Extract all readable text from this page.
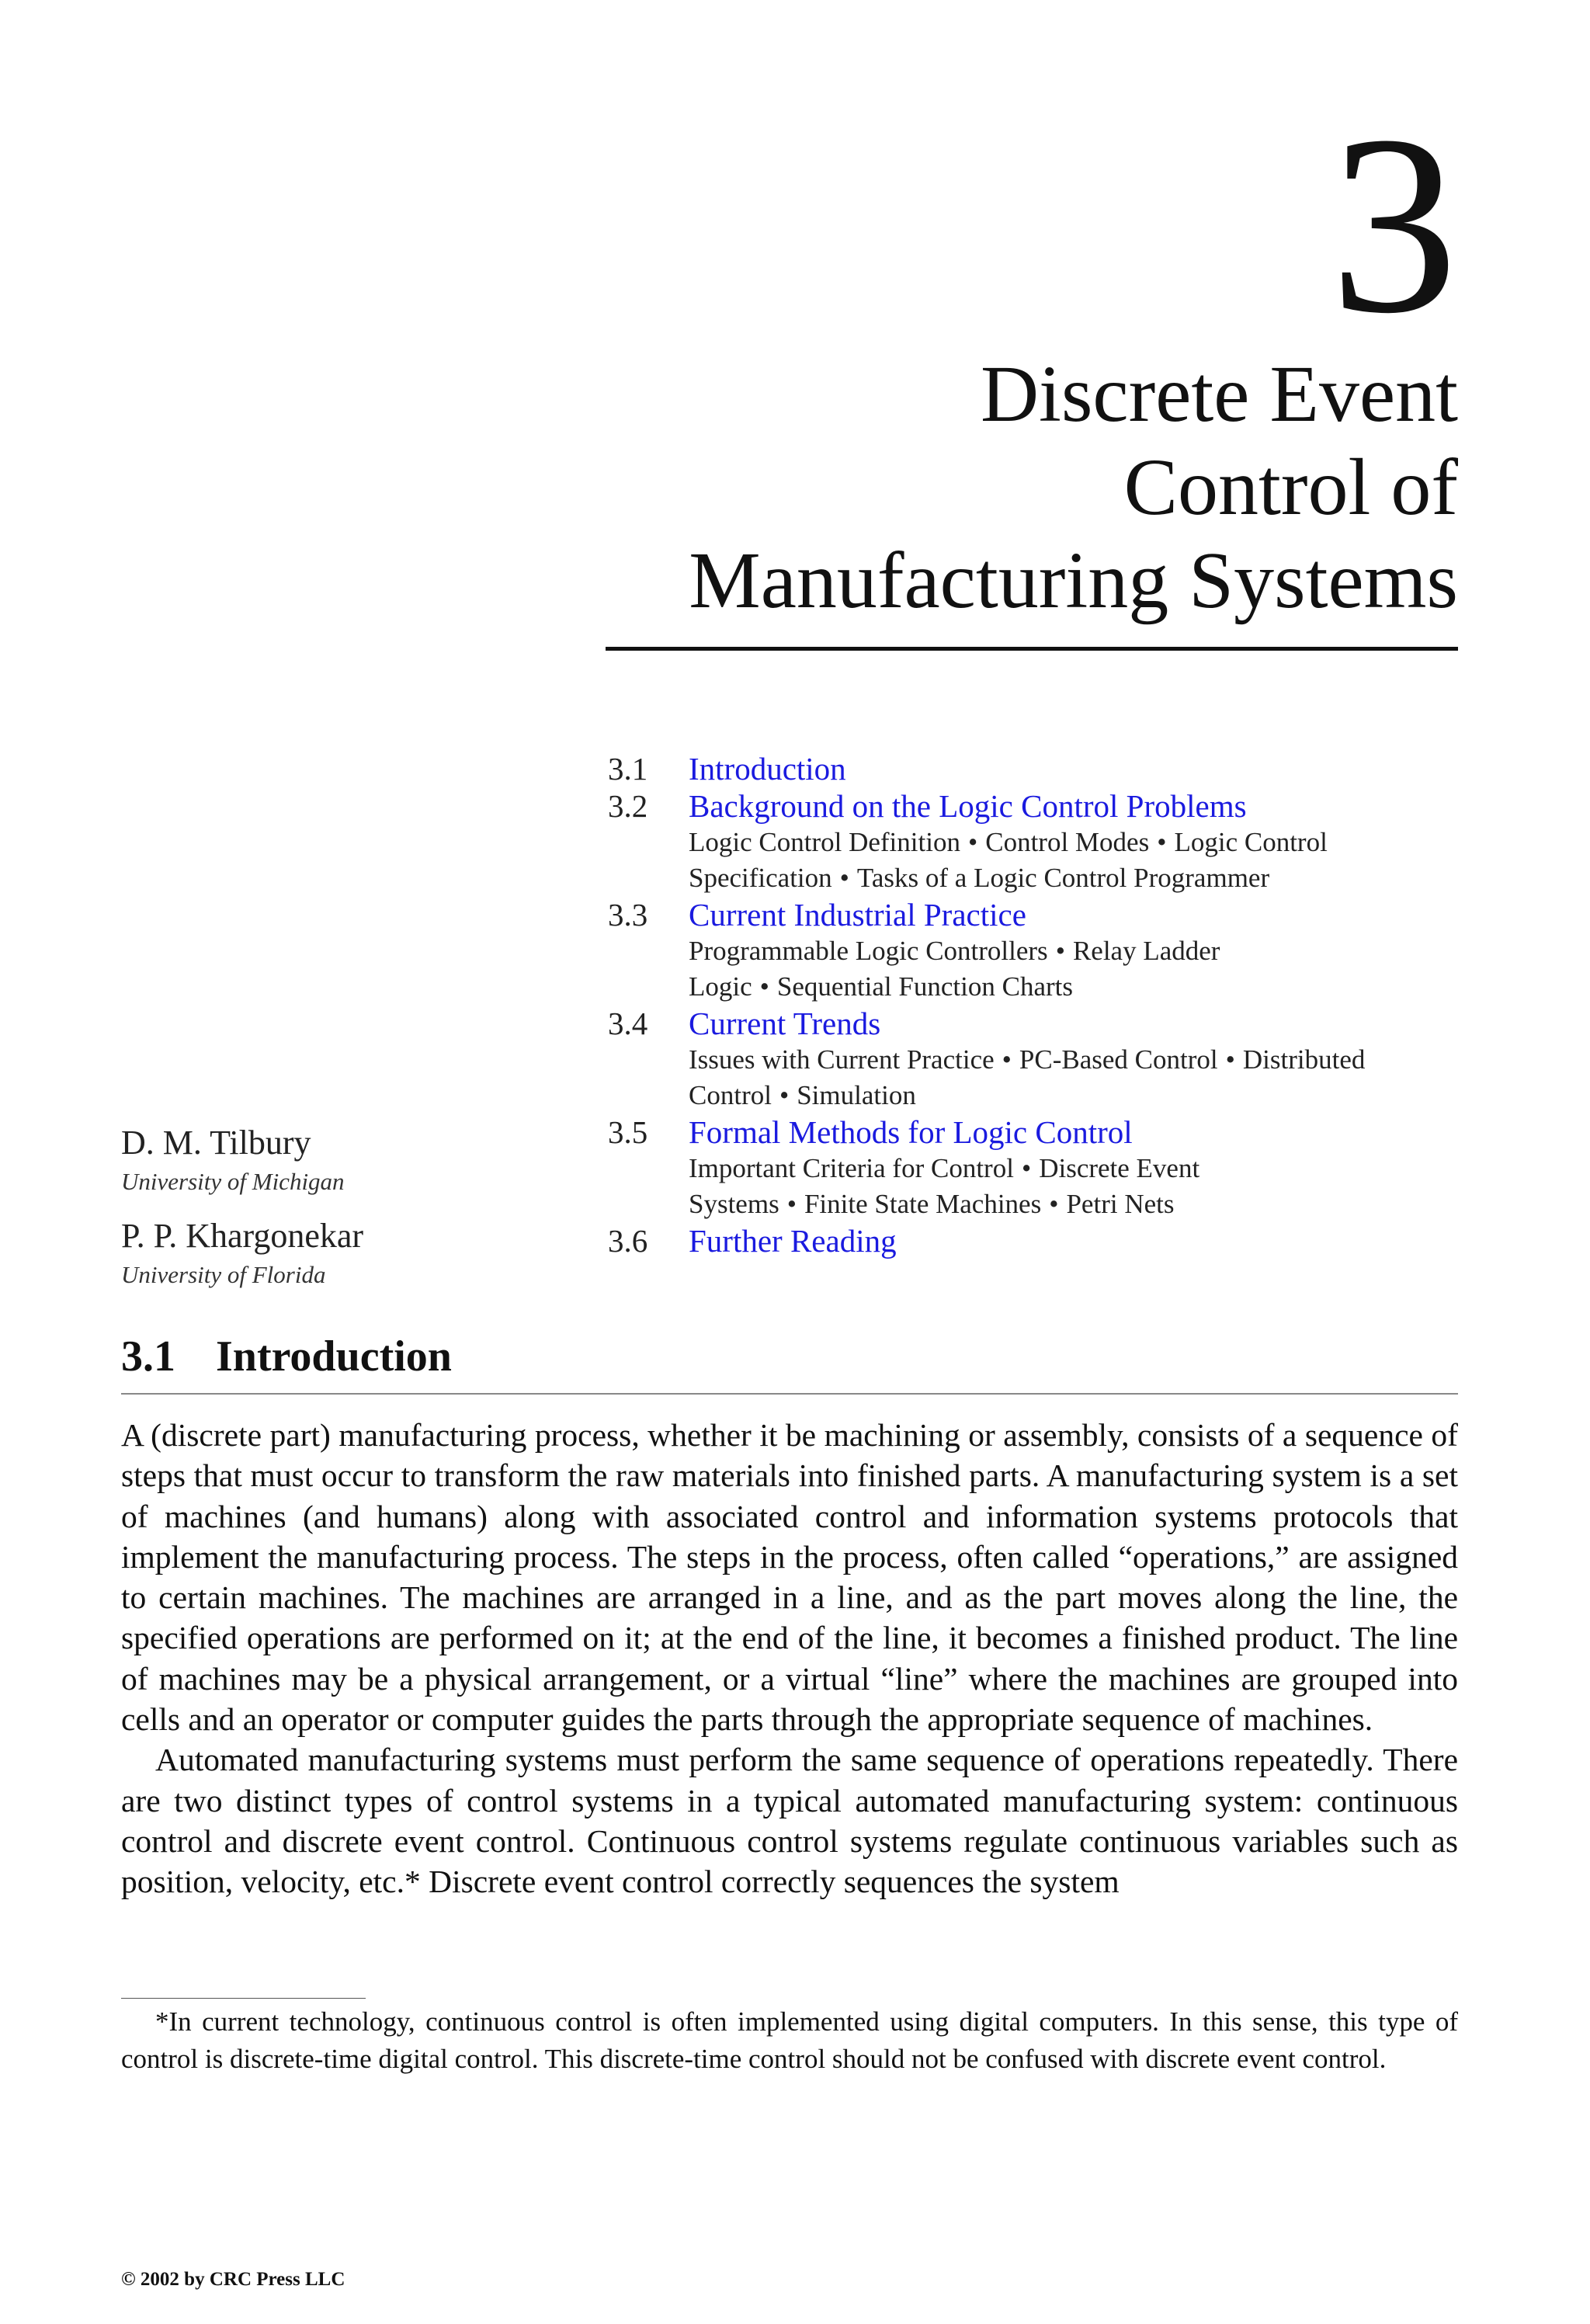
3
Discrete Event
Control of
Manufacturing Systems
3.1 Introduction
3.2 Background on the Logic Control Problems
Logic Control Definition • Control Modes • Logic Control Specification • Tasks of a Logic Control Programmer
3.3 Current Industrial Practice
Programmable Logic Controllers • Relay Ladder Logic • Sequential Function Charts
3.4 Current Trends
Issues with Current Practice • PC-Based Control • Distributed Control • Simulation
3.5 Formal Methods for Logic Control
Important Criteria for Control • Discrete Event Systems • Finite State Machines • Petri Nets
3.6 Further Reading
D. M. Tilbury
University of Michigan
P. P. Khargonekar
University of Florida
3.1 Introduction

A (discrete part) manufacturing process, whether it be machining or assembly, consists of a sequence of steps that must occur to transform the raw materials into finished parts. A manufacturing system is a set of machines (and humans) along with associated control and information systems protocols that implement the manufacturing process. The steps in the process, often called “operations,” are assigned to certain machines. The machines are arranged in a line, and as the part moves along the line, the specified operations are performed on it; at the end of the line, it becomes a finished product. The line of machines may be a physical arrangement, or a virtual “line” where the machines are grouped into cells and an operator or computer guides the parts through the appropriate sequence of machines.

Automated manufacturing systems must perform the same sequence of operations repeatedly. There are two distinct types of control systems in a typical automated manufacturing system: continuous control and discrete event control. Continuous control systems regulate continuous variables such as position, velocity, etc.* Discrete event control correctly sequences the system

*In current technology, continuous control is often implemented using digital computers. In this sense, this type of control is discrete-time digital control. This discrete-time control should not be confused with discrete event control.
© 2002 by CRC Press LLC
